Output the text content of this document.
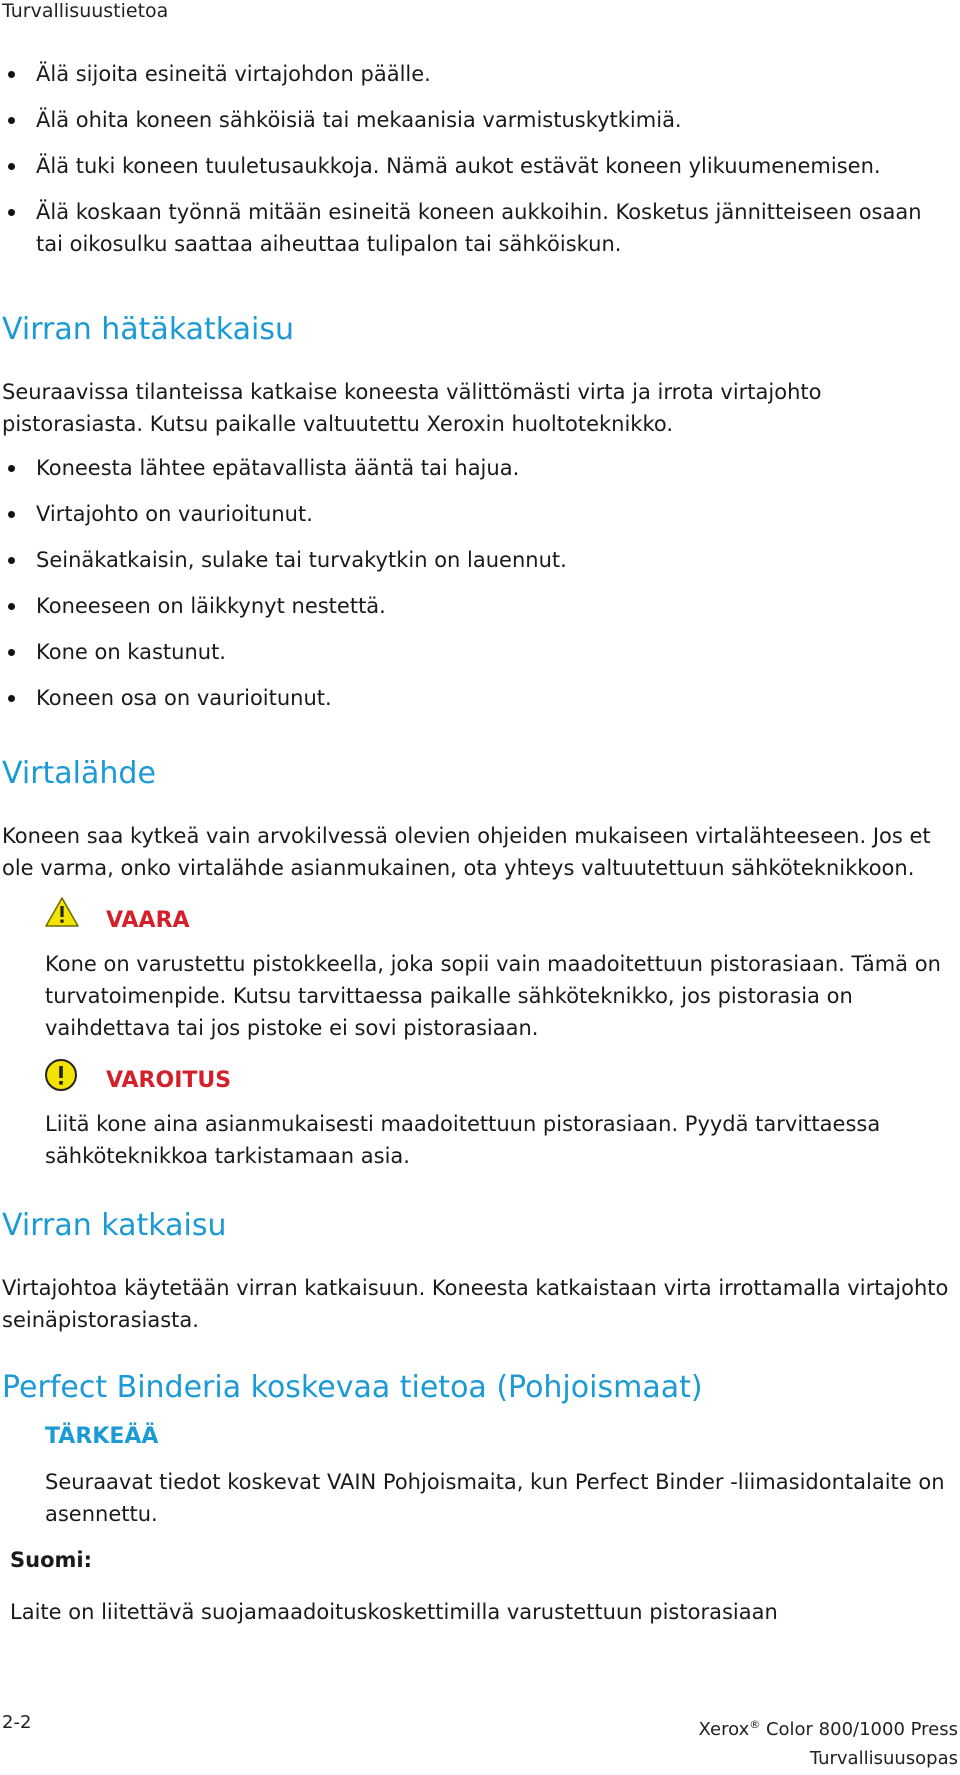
Turvallisuustietoa
Älä sijoita esineitä virtajohdon päälle.
Älä ohita koneen sähköisiä tai mekaanisia varmistuskytkimiä.
Älä tuki koneen tuuletusaukkoja. Nämä aukot estävät koneen ylikuumenemisen.
Älä koskaan työnnä mitään esineitä koneen aukkoihin. Kosketus jännitteiseen osaan tai oikosulku saattaa aiheuttaa tulipalon tai sähköiskun.
Virran hätäkatkaisu

Seuraavissa tilanteissa katkaise koneesta välittömästi virta ja irrota virtajohto pistorasiasta. Kutsu paikalle valtuutettu Xeroxin huoltoteknikko.

Koneesta lähtee epätavallista ääntä tai hajua.
Virtajohto on vaurioitunut.
Seinäkatkaisin, sulake tai turvakytkin on lauennut.
Koneeseen on läikkynyt nestettä.
Kone on kastunut.
Koneen osa on vaurioitunut.
Virtalähde

Koneen saa kytkeä vain arvokilvessä olevien ohjeiden mukaiseen virtalähteeseen. Jos et ole varma, onko virtalähde asianmukainen, ota yhteys valtuutettuun sähköteknikkoon.

VAARA

Kone on varustettu pistokkeella, joka sopii vain maadoitettuun pistorasiaan. Tämä on turvatoimenpide. Kutsu tarvittaessa paikalle sähköteknikko, jos pistorasia on vaihdettava tai jos pistoke ei sovi pistorasiaan.

VAROITUS

Liitä kone aina asianmukaisesti maadoitettuun pistorasiaan. Pyydä tarvittaessa sähköteknikkoa tarkistamaan asia.

Virran katkaisu

Virtajohtoa käytetään virran katkaisuun. Koneesta katkaistaan virta irrottamalla virtajohto seinäpistorasiasta.

Perfect Binderia koskevaa tietoa (Pohjoismaat)
TÄRKEÄÄ

Seuraavat tiedot koskevat VAIN Pohjoismaita, kun Perfect Binder -liimasidontalaite on asennettu.

Suomi:

Laite on liitettävä suojamaadoituskoskettimilla varustettuun pistorasiaan

2-2	Xerox® Color 800/1000 Press
Turvallisuusopas
